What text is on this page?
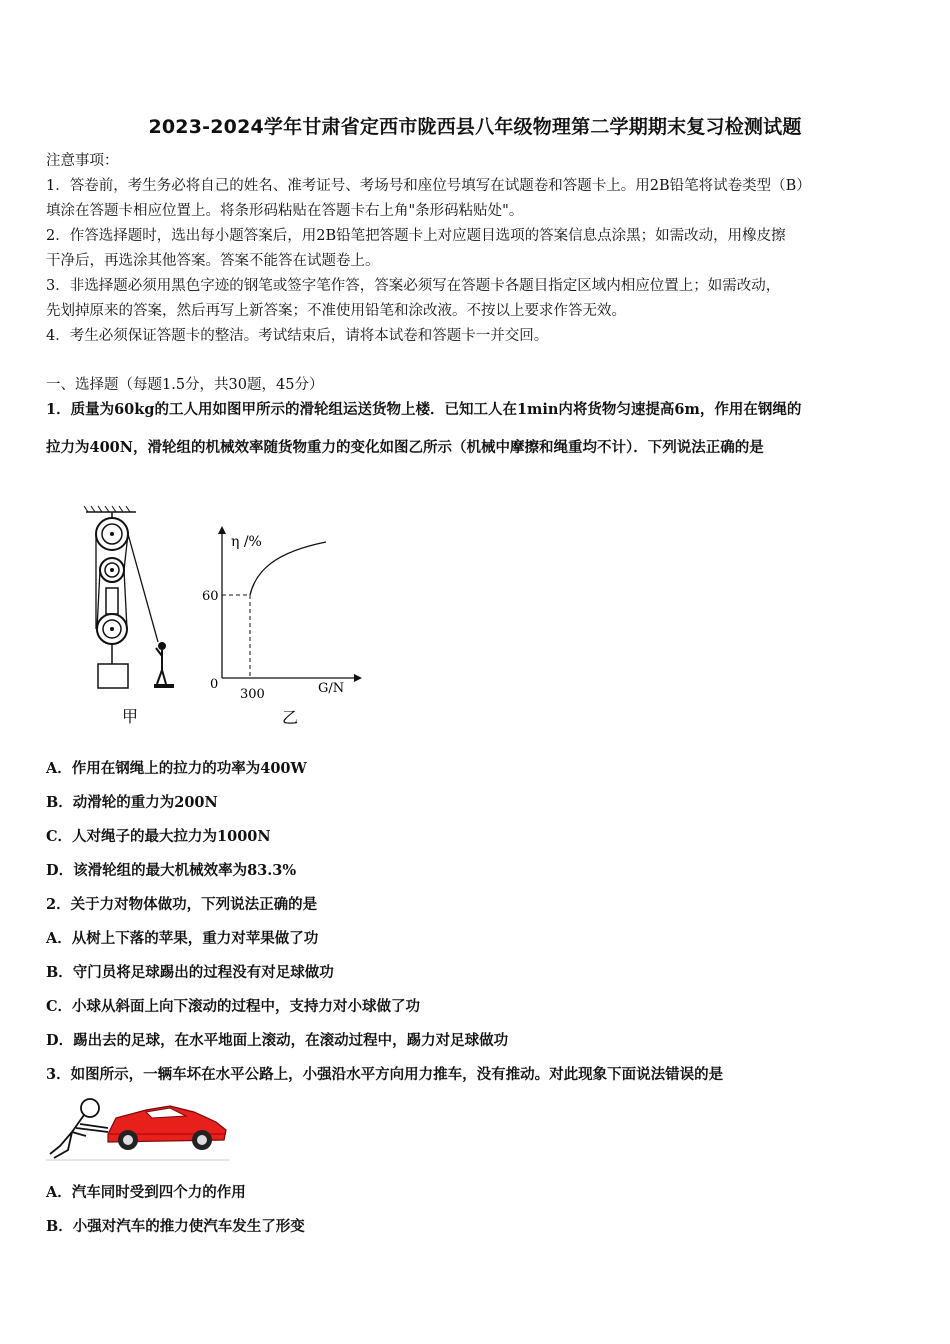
2023-2024学年甘肃省定西市陇西县八年级物理第二学期期末复习检测试题
注意事项：
1．答卷前，考生务必将自己的姓名、准考证号、考场号和座位号填写在试题卷和答题卡上。用2B铅笔将试卷类型（B）
填涂在答题卡相应位置上。将条形码粘贴在答题卡右上角"条形码粘贴处"。
2．作答选择题时，选出每小题答案后，用2B铅笔把答题卡上对应题目选项的答案信息点涂黑；如需改动，用橡皮擦
干净后，再选涂其他答案。答案不能答在试题卷上。
3．非选择题必须用黑色字迹的钢笔或签字笔作答，答案必须写在答题卡各题目指定区域内相应位置上；如需改动，
先划掉原来的答案，然后再写上新答案；不准使用铅笔和涂改液。不按以上要求作答无效。
4．考生必须保证答题卡的整洁。考试结束后，请将本试卷和答题卡一并交回。
一、选择题（每题1.5分，共30题，45分）
1．质量为60kg的工人用如图甲所示的滑轮组运送货物上楼．已知工人在1min内将货物匀速提高6m，作用在钢绳的
拉力为400N，滑轮组的机械效率随货物重力的变化如图乙所示（机械中摩擦和绳重均不计）．下列说法正确的是
甲
η /%
G/N
0
60
300
乙
A．作用在钢绳上的拉力的功率为400W
B．动滑轮的重力为200N
C．人对绳子的最大拉力为1000N
D．该滑轮组的最大机械效率为83.3%
2．关于力对物体做功，下列说法正确的是
A．从树上下落的苹果，重力对苹果做了功
B．守门员将足球踢出的过程没有对足球做功
C．小球从斜面上向下滚动的过程中，支持力对小球做了功
D．踢出去的足球，在水平地面上滚动，在滚动过程中，踢力对足球做功
3．如图所示，一辆车坏在水平公路上，小强沿水平方向用力推车，没有推动。对此现象下面说法错误的是
A．汽车同时受到四个力的作用
B．小强对汽车的推力使汽车发生了形变
